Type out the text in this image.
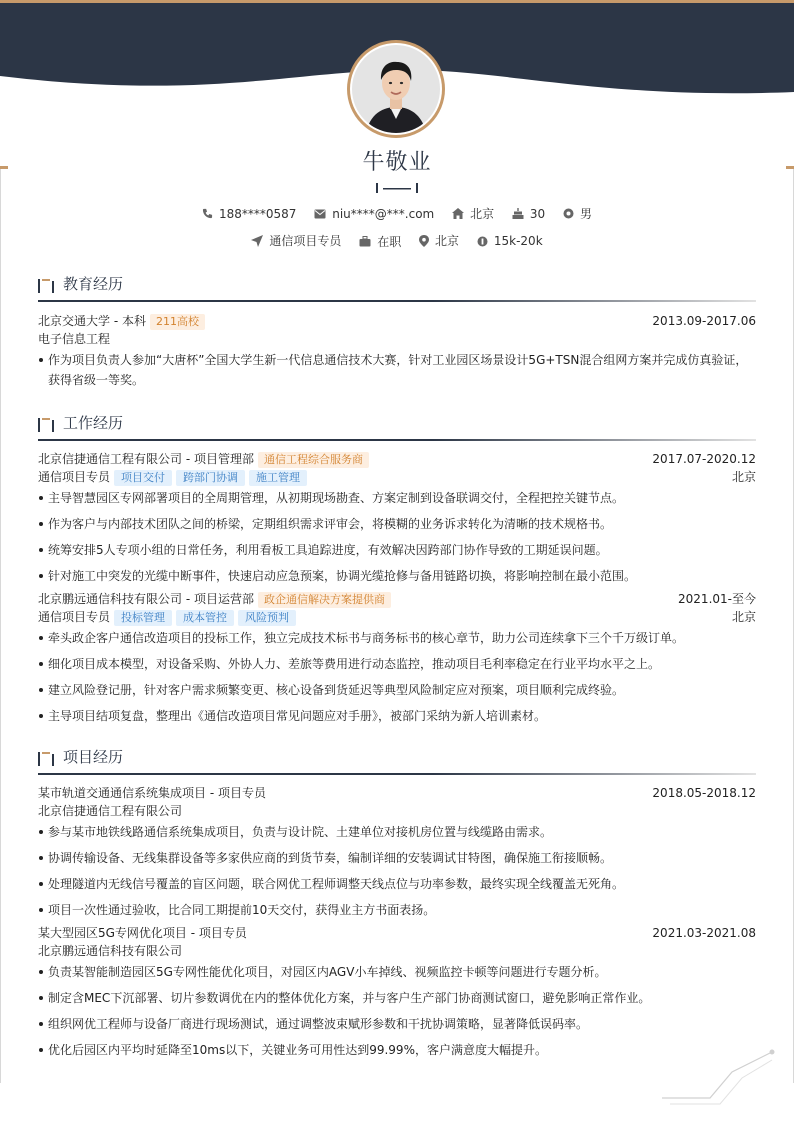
牛敬业
188****0587
	niu****@***.com
	北京
	30
	男
通信项目专员
	在职
	北京
	15k-20k
教育经历
北京交通大学 - 本科 211高校	2013.09-2017.06
电子信息工程
作为项目负责人参加“大唐杯”全国大学生新一代信息通信技术大赛，针对工业园区场景设计5G+TSN混合组网方案并完成仿真验证，获得省级一等奖。
工作经历
北京信捷通信工程有限公司 - 项目管理部 通信工程综合服务商	2017.07-2020.12
通信项目专员 项目交付 跨部门协调 施工管理	北京
主导智慧园区专网部署项目的全周期管理，从初期现场勘查、方案定制到设备联调交付，全程把控关键节点。
作为客户与内部技术团队之间的桥梁，定期组织需求评审会，将模糊的业务诉求转化为清晰的技术规格书。
统筹安排5人专项小组的日常任务，利用看板工具追踪进度，有效解决因跨部门协作导致的工期延误问题。
针对施工中突发的光缆中断事件，快速启动应急预案，协调光缆抢修与备用链路切换，将影响控制在最小范围。
北京鹏远通信科技有限公司 - 项目运营部 政企通信解决方案提供商	2021.01-至今
通信项目专员 投标管理 成本管控 风险预判	北京
牵头政企客户通信改造项目的投标工作，独立完成技术标书与商务标书的核心章节，助力公司连续拿下三个千万级订单。
细化项目成本模型，对设备采购、外协人力、差旅等费用进行动态监控，推动项目毛利率稳定在行业平均水平之上。
建立风险登记册，针对客户需求频繁变更、核心设备到货延迟等典型风险制定应对预案，项目顺利完成终验。
主导项目结项复盘，整理出《通信改造项目常见问题应对手册》，被部门采纳为新人培训素材。
项目经历
某市轨道交通通信系统集成项目 - 项目专员	2018.05-2018.12
北京信捷通信工程有限公司
参与某市地铁线路通信系统集成项目，负责与设计院、土建单位对接机房位置与线缆路由需求。
协调传输设备、无线集群设备等多家供应商的到货节奏，编制详细的安装调试甘特图，确保施工衔接顺畅。
处理隧道内无线信号覆盖的盲区问题，联合网优工程师调整天线点位与功率参数，最终实现全线覆盖无死角。
项目一次性通过验收，比合同工期提前10天交付，获得业主方书面表扬。
某大型园区5G专网优化项目 - 项目专员	2021.03-2021.08
北京鹏远通信科技有限公司
负责某智能制造园区5G专网性能优化项目，对园区内AGV小车掉线、视频监控卡顿等问题进行专题分析。
制定含MEC下沉部署、切片参数调优在内的整体优化方案，并与客户生产部门协商测试窗口，避免影响正常作业。
组织网优工程师与设备厂商进行现场测试，通过调整波束赋形参数和干扰协调策略，显著降低误码率。
优化后园区内平均时延降至10ms以下，关键业务可用性达到99.99%，客户满意度大幅提升。
